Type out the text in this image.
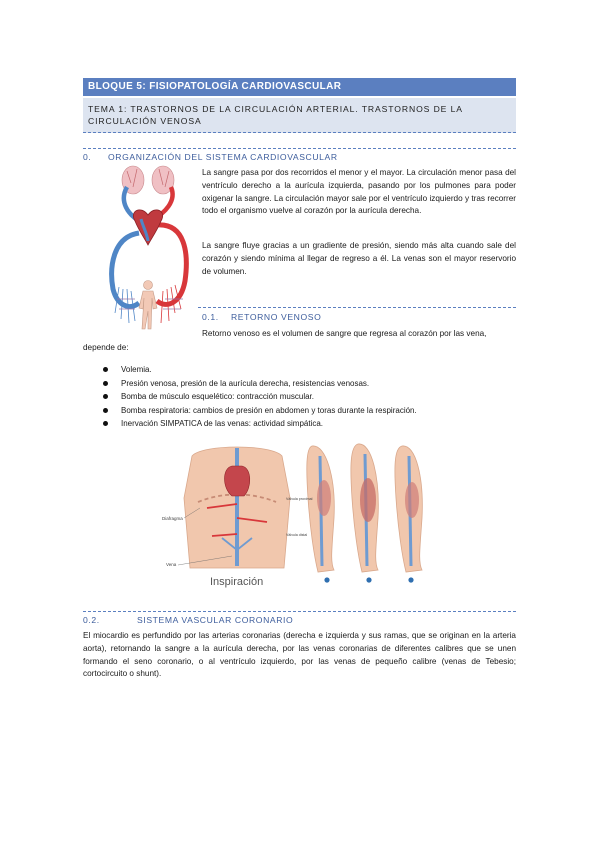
BLOQUE 5: FISIOPATOLOGÍA CARDIOVASCULAR
TEMA 1: TRASTORNOS DE LA CIRCULACIÓN ARTERIAL. TRASTORNOS DE LA CIRCULACIÓN VENOSA
0. ORGANIZACIÓN DEL SISTEMA CARDIOVASCULAR
La sangre pasa por dos recorridos el menor y el mayor. La circulación menor pasa del ventrículo derecho a la aurícula izquierda, pasando por los pulmones para poder oxigenar la sangre. La circulación mayor sale por el ventrículo izquierdo y tras recorrer todo el organismo vuelve al corazón por la aurícula derecha.
La sangre fluye gracias a un gradiente de presión, siendo más alta cuando sale del corazón y siendo mínima al llegar de regreso a él. La venas son el mayor reservorio de volumen.
0.1. RETORNO VENOSO
Retorno venoso es el volumen de sangre que regresa al corazón por las vena,
depende de:
Volemia.
Presión venosa, presión de la aurícula derecha, resistencias venosas.
Bomba de músculo esquelético: contracción muscular.
Bomba respiratoria: cambios de presión en abdomen y toras durante la respiración.
Inervación SIMPATICA de las venas: actividad simpática.
Diafragma
Vena
Inspiración
Válvula proximal
Válvula distal
0.2.	SISTEMA VASCULAR CORONARIO
El miocardio es perfundido por las arterias coronarias (derecha e izquierda y sus ramas, que se originan en la arteria aorta), retornando la sangre a la aurícula derecha, por las venas coronarias de diferentes calibres que se unen formando el seno coronario, o al ventrículo izquierdo, por las venas de pequeño calibre (venas de Tebesio; cortocircuito o shunt).
